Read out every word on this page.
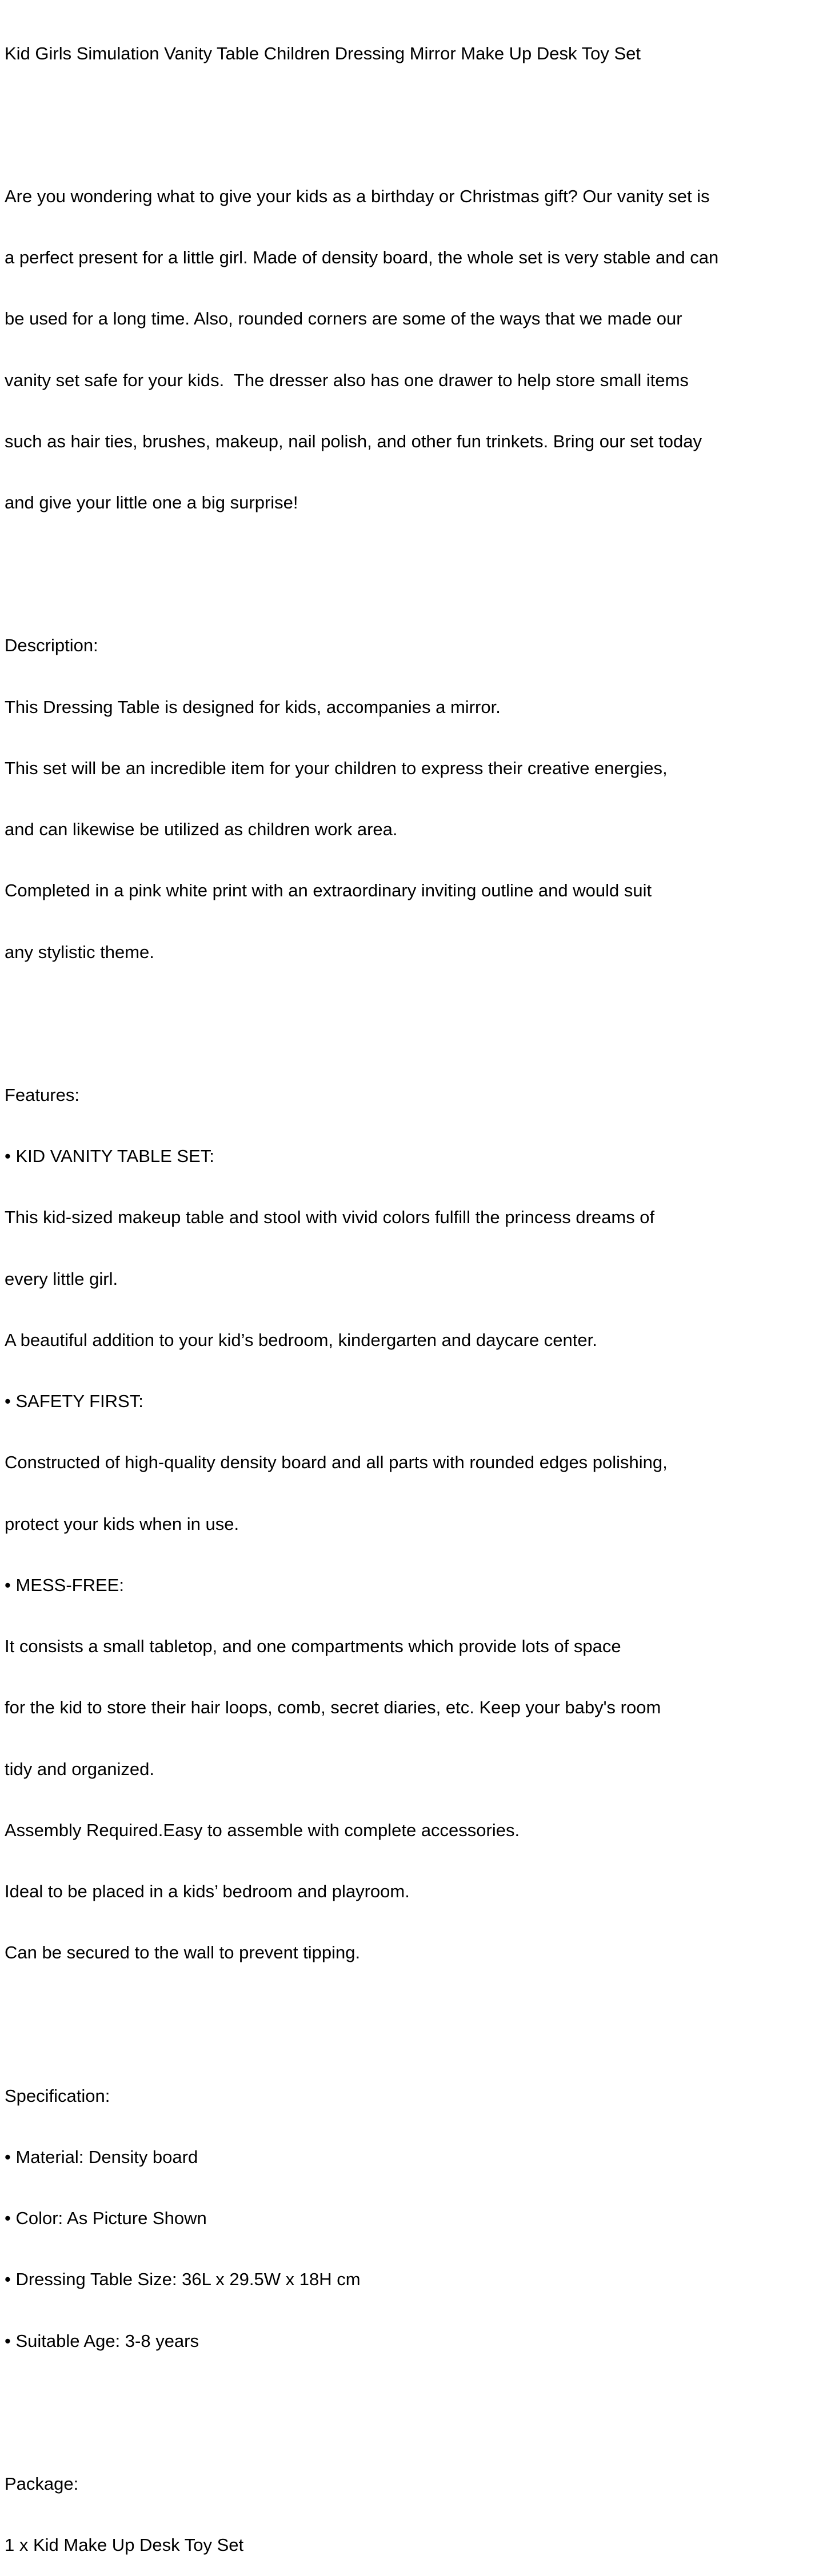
Kid Girls Simulation Vanity Table Children Dressing Mirror Make Up Desk Toy Set

Are you wondering what to give your kids as a birthday or Christmas gift? Our vanity set is

a perfect present for a little girl. Made of density board, the whole set is very stable and can

be used for a long time. Also, rounded corners are some of the ways that we made our

vanity set safe for your kids.  The dresser also has one drawer to help store small items

such as hair ties, brushes, makeup, nail polish, and other fun trinkets. Bring our set today

and give your little one a big surprise!

Description:

This Dressing Table is designed for kids, accompanies a mirror.

This set will be an incredible item for your children to express their creative energies,

and can likewise be utilized as children work area.

Completed in a pink white print with an extraordinary inviting outline and would suit

any stylistic theme.

Features:

• KID VANITY TABLE SET:

This kid-sized makeup table and stool with vivid colors fulfill the princess dreams of

every little girl.

A beautiful addition to your kid’s bedroom, kindergarten and daycare center.

• SAFETY FIRST:

Constructed of high-quality density board and all parts with rounded edges polishing,

protect your kids when in use.

• MESS-FREE:

It consists a small tabletop, and one compartments which provide lots of space

for the kid to store their hair loops, comb, secret diaries, etc. Keep your baby's room

tidy and organized.

Assembly Required.Easy to assemble with complete accessories.

Ideal to be placed in a kids’ bedroom and playroom.

Can be secured to the wall to prevent tipping.

Specification:

• Material: Density board

• Color: As Picture Shown

• Dressing Table Size: 36L x 29.5W x 18H cm

• Suitable Age: 3-8 years

Package:

1 x Kid Make Up Desk Toy Set
